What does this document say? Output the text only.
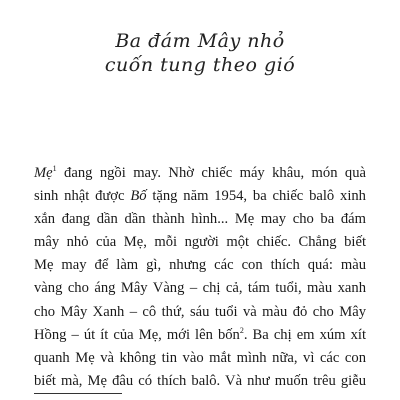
Ba đám Mây nhỏ
cuốn tung theo gió

Mẹ$^1$ đang ngồi may. Nhờ chiếc máy khâu, món quà
sinh nhật được Bố tặng năm 1954, ba chiếc balô xinh
xắn đang dần dần thành hình... Mẹ may cho ba đám
mây nhỏ của Mẹ, mỗi người một chiếc. Chẳng biết
Mẹ may để làm gì, nhưng các con thích quá: màu
vàng cho áng Mây Vàng – chị cả, tám tuổi, màu xanh
cho Mây Xanh – cô thứ, sáu tuổi và màu đỏ cho Mây
Hồng – út ít của Mẹ, mới lên bốn$^2$. Ba chị em xúm xít
quanh Mẹ và không tin vào mắt mình nữa, vì các con
biết mà, Mẹ đâu có thích balô. Và như muốn trêu giễu
